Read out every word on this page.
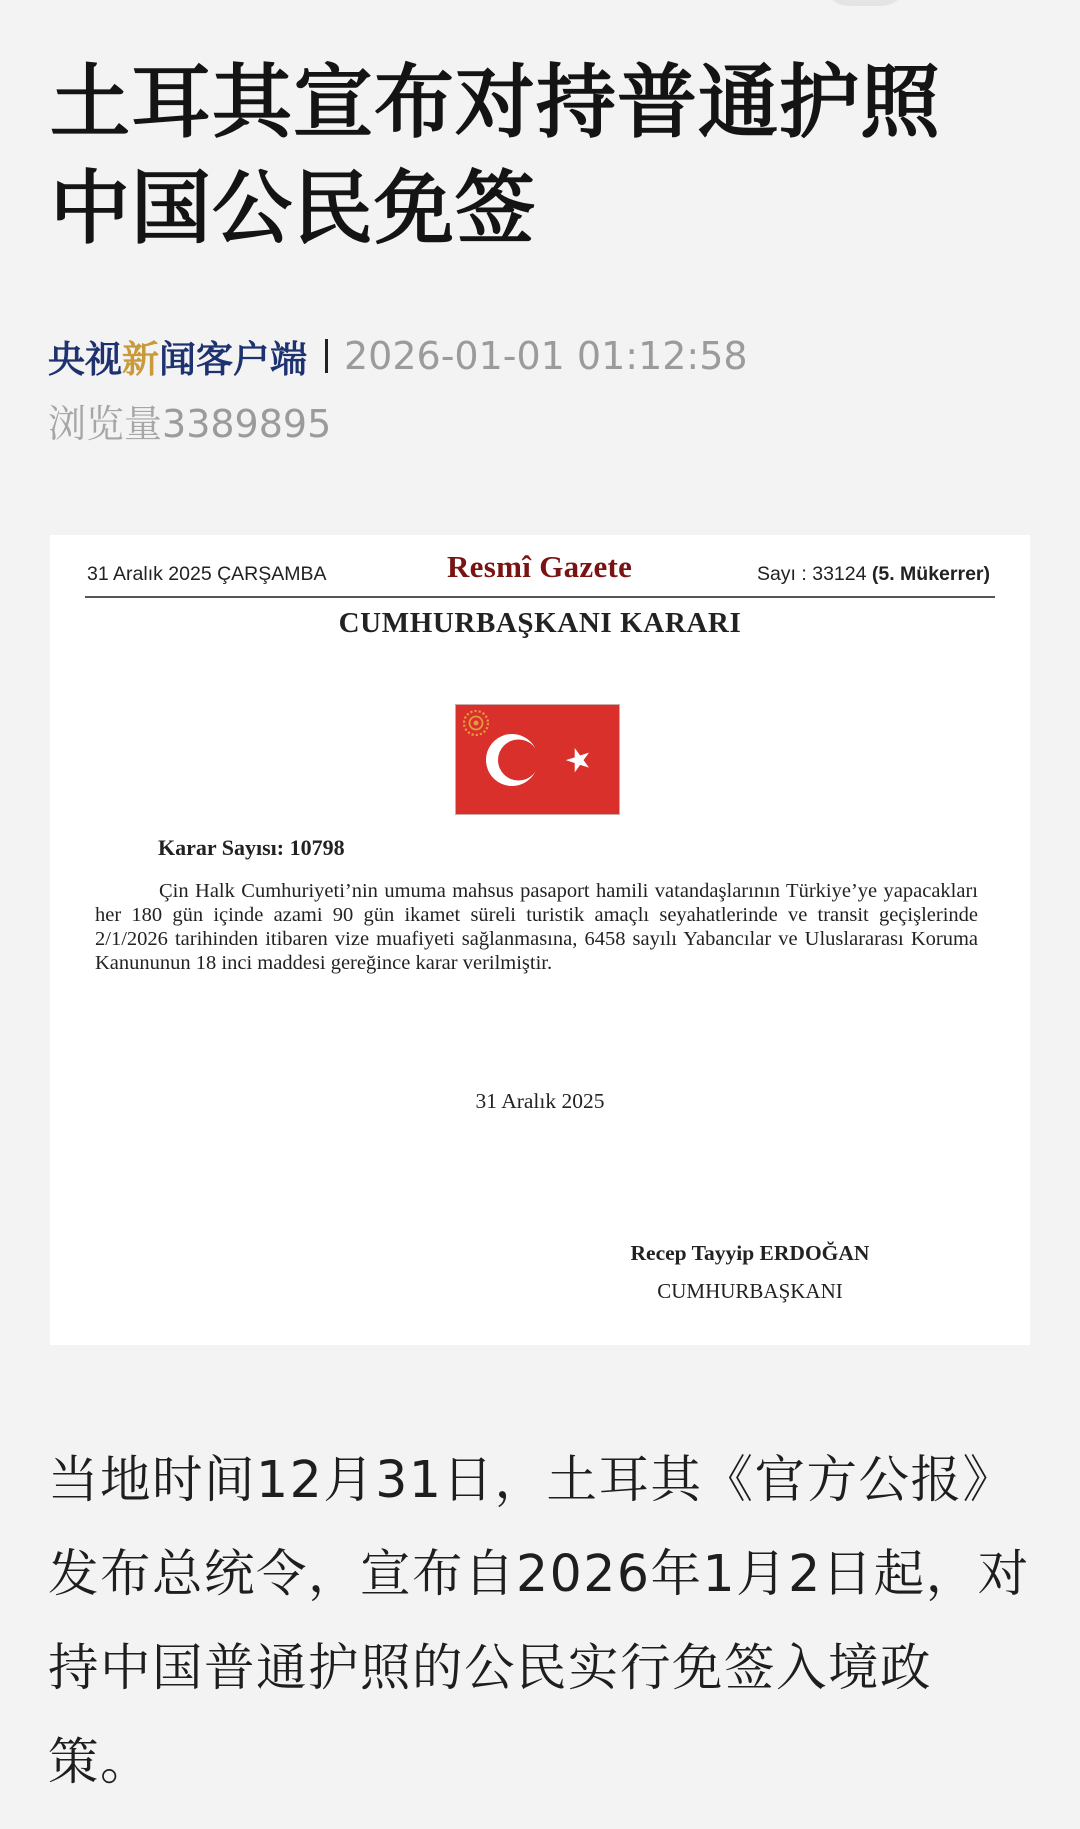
土耳其宣布对持普通护照中国公民免签
央视新闻客户端 2026-01-01 01:12:58
浏览量3389895
31 Aralık 2025 ÇARŞAMBA	Resmî Gazete	Sayı : 33124 (5. Mükerrer)
CUMHURBAŞKANI KARARI
Karar Sayısı: 10798

Çin Halk Cumhuriyeti’nin umuma mahsus pasaport hamili vatandaşlarının Türkiye’ye yapacakları her 180 gün içinde azami 90 gün ikamet süreli turistik amaçlı seyahatlerinde ve transit geçişlerinde 2/1/2026 tarihinden itibaren vize muafiyeti sağlanmasına, 6458 sayılı Yabancılar ve Uluslararası Koruma Kanununun 18 inci maddesi gereğince karar verilmiştir.

31 Aralık 2025
Recep Tayyip ERDOĞAN
CUMHURBAŞKANI

当地时间12月31日，土耳其《官方公报》发布总统令，宣布自2026年1月2日起，对持中国普通护照的公民实行免签入境政策。
